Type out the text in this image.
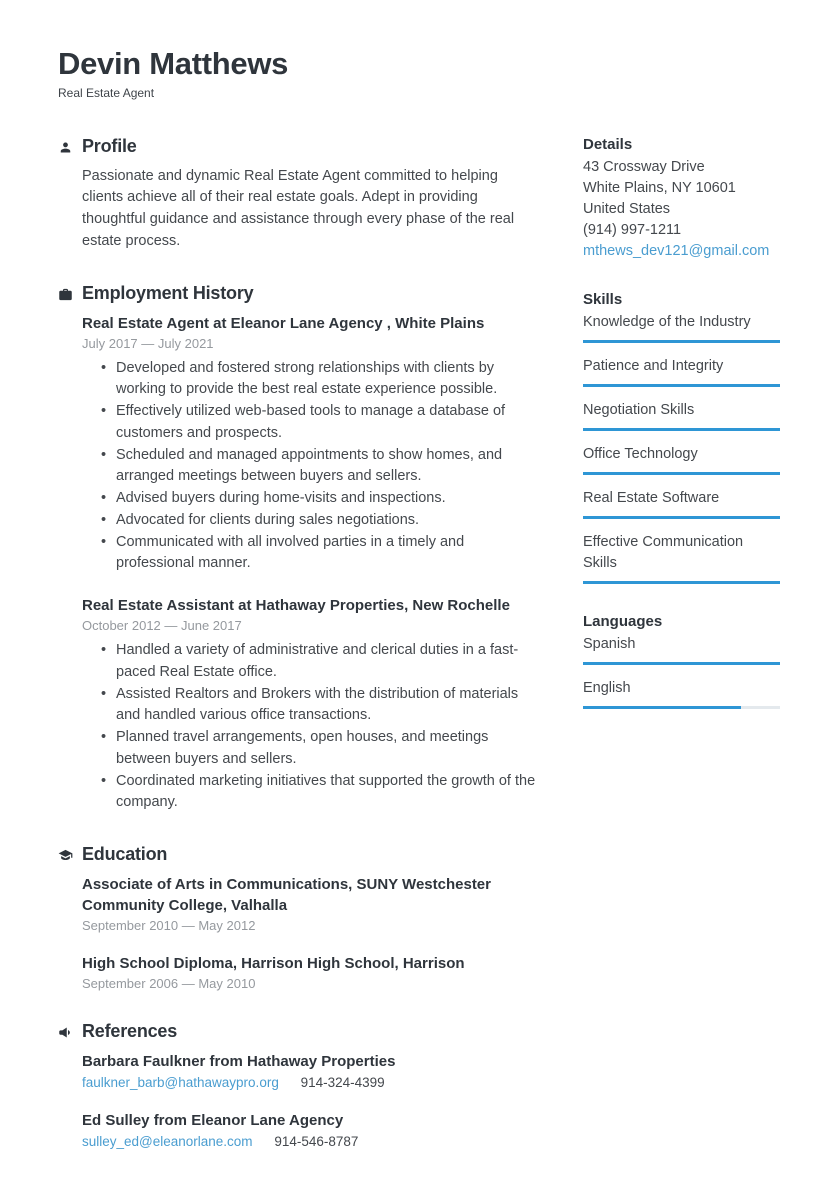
Devin Matthews
Real Estate Agent
Profile
Passionate and dynamic Real Estate Agent committed to helping clients achieve all of their real estate goals. Adept in providing thoughtful guidance and assistance through every phase of the real estate process.
Employment History
Real Estate Agent at Eleanor Lane Agency , White Plains
July 2017 — July 2021
• Developed and fostered strong relationships with clients by working to provide the best real estate experience possible.
• Effectively utilized web-based tools to manage a database of customers and prospects.
• Scheduled and managed appointments to show homes, and arranged meetings between buyers and sellers.
• Advised buyers during home-visits and inspections.
• Advocated for clients during sales negotiations.
• Communicated with all involved parties in a timely and professional manner.
Real Estate Assistant at Hathaway Properties, New Rochelle
October 2012 — June 2017
• Handled a variety of administrative and clerical duties in a fast-paced Real Estate office.
• Assisted Realtors and Brokers with the distribution of materials and handled various office transactions.
• Planned travel arrangements, open houses, and meetings between buyers and sellers.
• Coordinated marketing initiatives that supported the growth of the company.
Education
Associate of Arts in Communications, SUNY Westchester Community College, Valhalla
September 2010 — May 2012
High School Diploma, Harrison High School, Harrison
September 2006 — May 2010
References
Barbara Faulkner from Hathaway Properties
faulkner_barb@hathawaypro.org 914-324-4399
Ed Sulley from Eleanor Lane Agency
sulley_ed@eleanorlane.com 914-546-8787
Details
43 Crossway Drive
White Plains, NY 10601
United States
(914) 997-1211
mthews_dev121@gmail.com
Skills
Knowledge of the Industry
Patience and Integrity
Negotiation Skills
Office Technology
Real Estate Software
Effective Communication Skills
Languages
Spanish
English
